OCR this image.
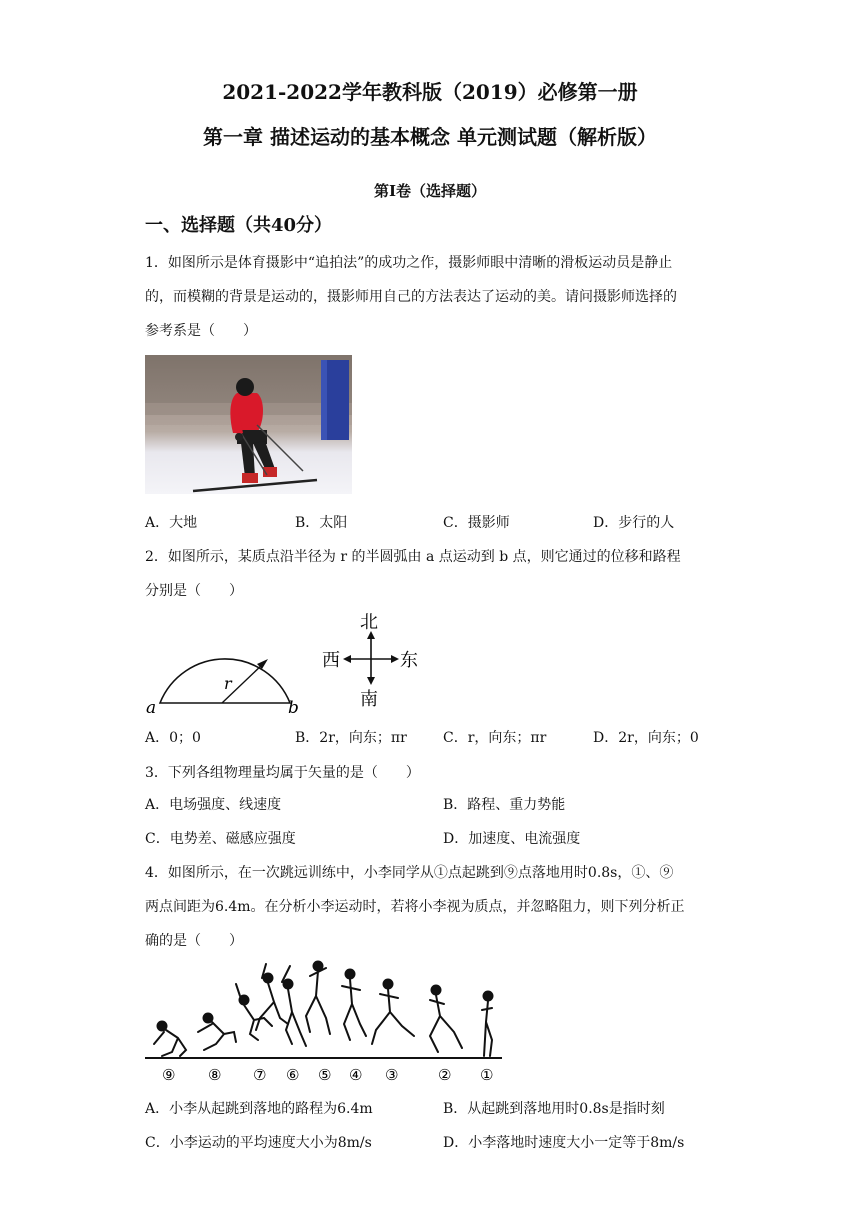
2021-2022学年教科版（2019）必修第一册
第一章 描述运动的基本概念 单元测试题（解析版）
第Ⅰ卷（选择题）
一、选择题（共40分）
1．如图所示是体育摄影中“追拍法”的成功之作，摄影师眼中清晰的滑板运动员是静止
的，而模糊的背景是运动的，摄影师用自己的方法表达了运动的美。请问摄影师选择的
参考系是（　　）
A．大地	B．太阳	C．摄影师	D．步行的人
2．如图所示，某质点沿半径为 r 的半圆弧由 a 点运动到 b 点，则它通过的位移和路程
分别是（　　）
a	b
r
北
南
西	东
A．0；0	B．2r，向东；πr	C．r，向东；πr	D．2r，向东；0
3．下列各组物理量均属于矢量的是（　　）
A．电场强度、线速度	B．路程、重力势能
C．电势差、磁感应强度	D．加速度、电流强度
4．如图所示，在一次跳远训练中，小李同学从①点起跳到⑨点落地用时0.8s，①、⑨
两点间距为6.4m。在分析小李运动时，若将小李视为质点，并忽略阻力，则下列分析正
确的是（　　）
⑨ ⑧ ⑦ ⑥ ⑤ ④ ③	② ①
A．小李从起跳到落地的路程为6.4m	B．从起跳到落地用时0.8s是指时刻
C．小李运动的平均速度大小为8m/s	D．小李落地时速度大小一定等于8m/s
